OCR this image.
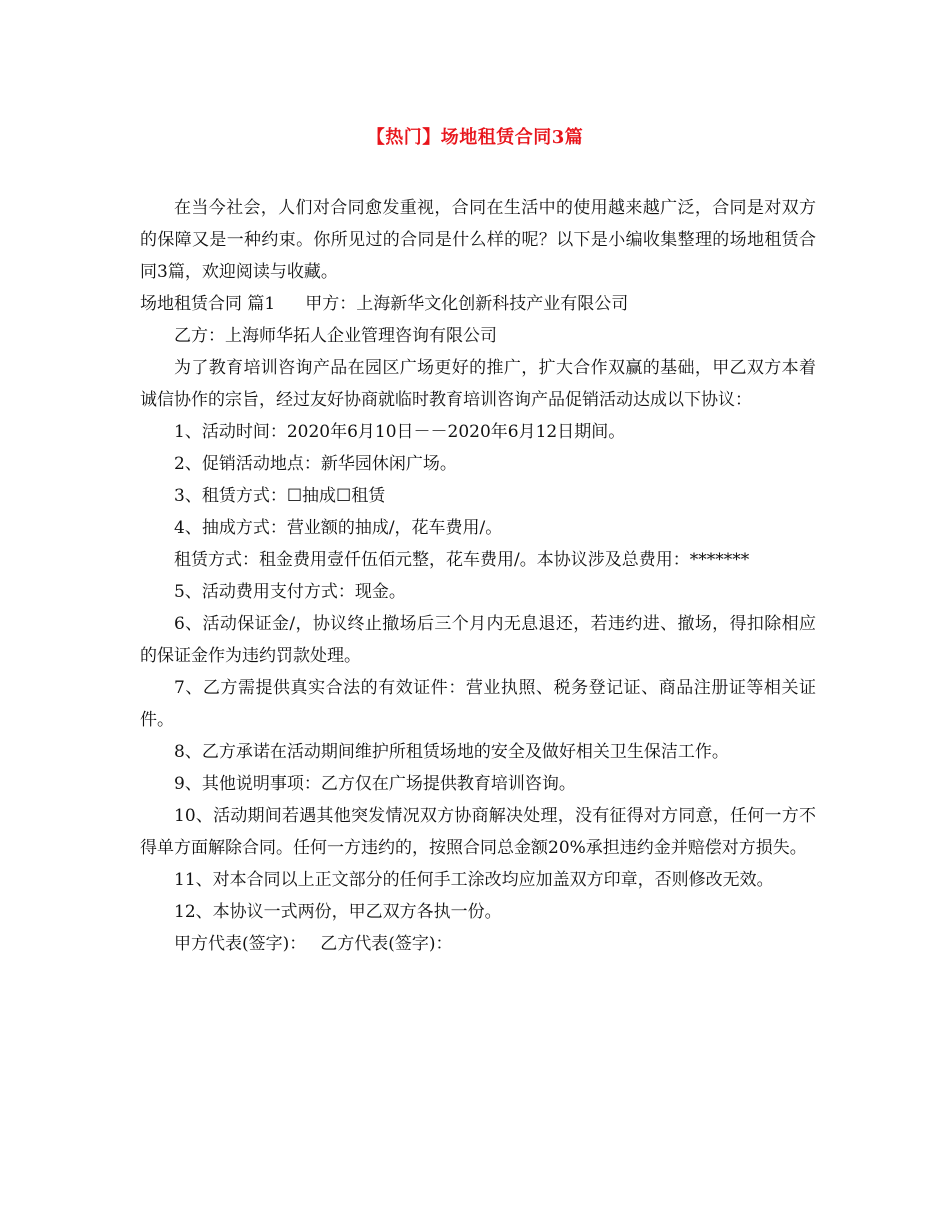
【热门】场地租赁合同3篇

在当今社会，人们对合同愈发重视，合同在生活中的使用越来越广泛，合同是对双方的保障又是一种约束。你所见过的合同是什么样的呢？以下是小编收集整理的场地租赁合同3篇，欢迎阅读与收藏。

场地租赁合同 篇1 甲方：上海新华文化创新科技产业有限公司

乙方：上海师华拓人企业管理咨询有限公司

为了教育培训咨询产品在园区广场更好的推广，扩大合作双赢的基础，甲乙双方本着诚信协作的宗旨，经过友好协商就临时教育培训咨询产品促销活动达成以下协议：

1、活动时间：2020年6月10日－－2020年6月12日期间。

2、促销活动地点：新华园休闲广场。

3、租赁方式：☐抽成☐租赁

4、抽成方式：营业额的抽成/，花车费用/。

租赁方式：租金费用壹仟伍佰元整，花车费用/。本协议涉及总费用：*******

5、活动费用支付方式：现金。

6、活动保证金/，协议终止撤场后三个月内无息退还，若违约进、撤场，得扣除相应的保证金作为违约罚款处理。

7、乙方需提供真实合法的有效证件：营业执照、税务登记证、商品注册证等相关证件。

8、乙方承诺在活动期间维护所租赁场地的安全及做好相关卫生保洁工作。

9、其他说明事项：乙方仅在广场提供教育培训咨询。

10、活动期间若遇其他突发情况双方协商解决处理，没有征得对方同意，任何一方不得单方面解除合同。任何一方违约的，按照合同总金额20%承担违约金并赔偿对方损失。

11、对本合同以上正文部分的任何手工涂改均应加盖双方印章，否则修改无效。

12、本协议一式两份，甲乙双方各执一份。

甲方代表(签字)： 乙方代表(签字)：
